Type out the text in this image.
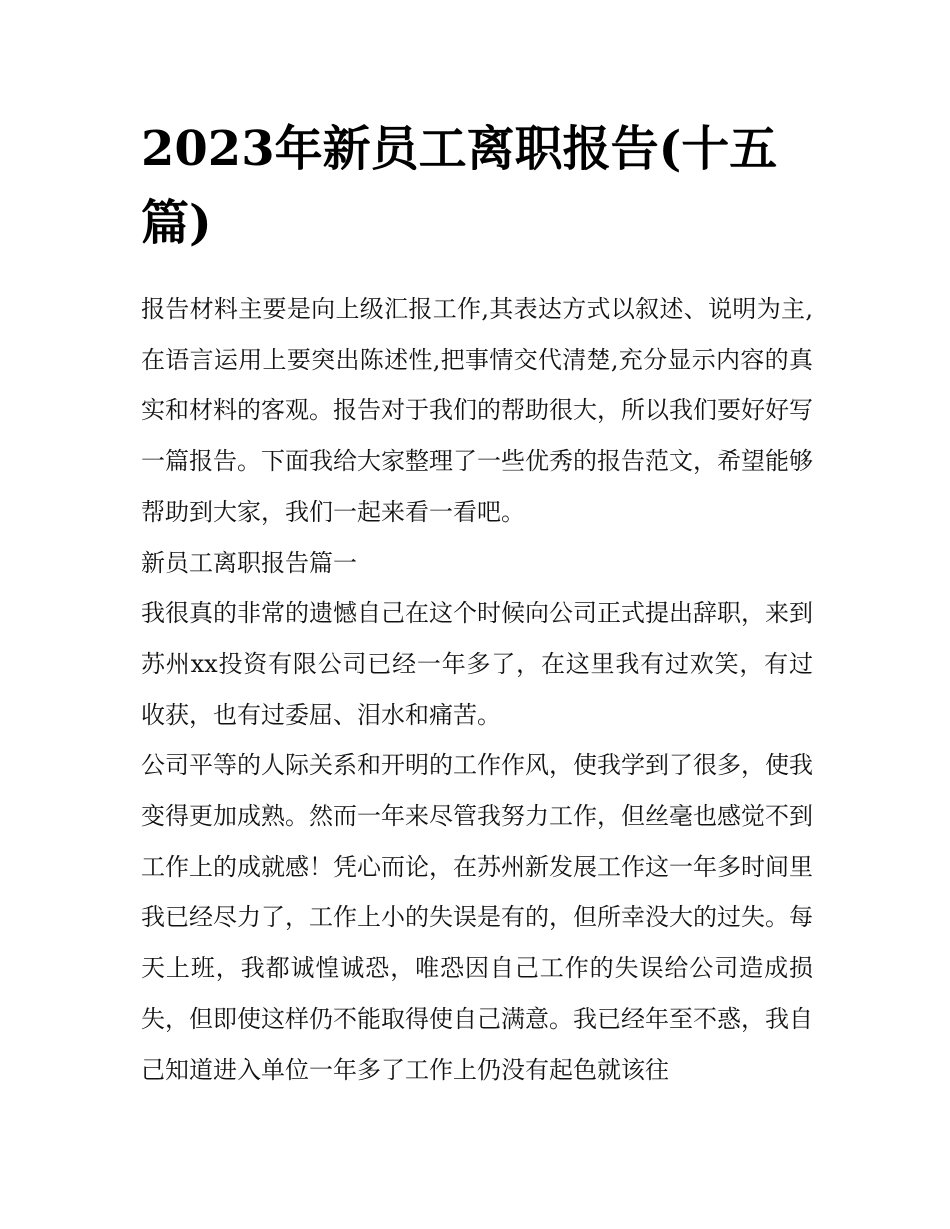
2023年新员工离职报告(十五篇)

报告材料主要是向上级汇报工作,其表达方式以叙述、说明为主,在语言运用上要突出陈述性,把事情交代清楚,充分显示内容的真实和材料的客观。报告对于我们的帮助很大，所以我们要好好写一篇报告。下面我给大家整理了一些优秀的报告范文，希望能够帮助到大家，我们一起来看一看吧。

新员工离职报告篇一

我很真的非常的遗憾自己在这个时候向公司正式提出辞职，来到苏州xx投资有限公司已经一年多了，在这里我有过欢笑，有过收获，也有过委屈、泪水和痛苦。

公司平等的人际关系和开明的工作作风，使我学到了很多，使我变得更加成熟。然而一年来尽管我努力工作，但丝毫也感觉不到工作上的成就感！凭心而论，在苏州新发展工作这一年多时间里我已经尽力了，工作上小的失误是有的，但所幸没大的过失。每天上班，我都诚惶诚恐，唯恐因自己工作的失误给公司造成损失，但即使这样仍不能取得使自己满意。我已经年至不惑，我自己知道进入单位一年多了工作上仍没有起色就该往
